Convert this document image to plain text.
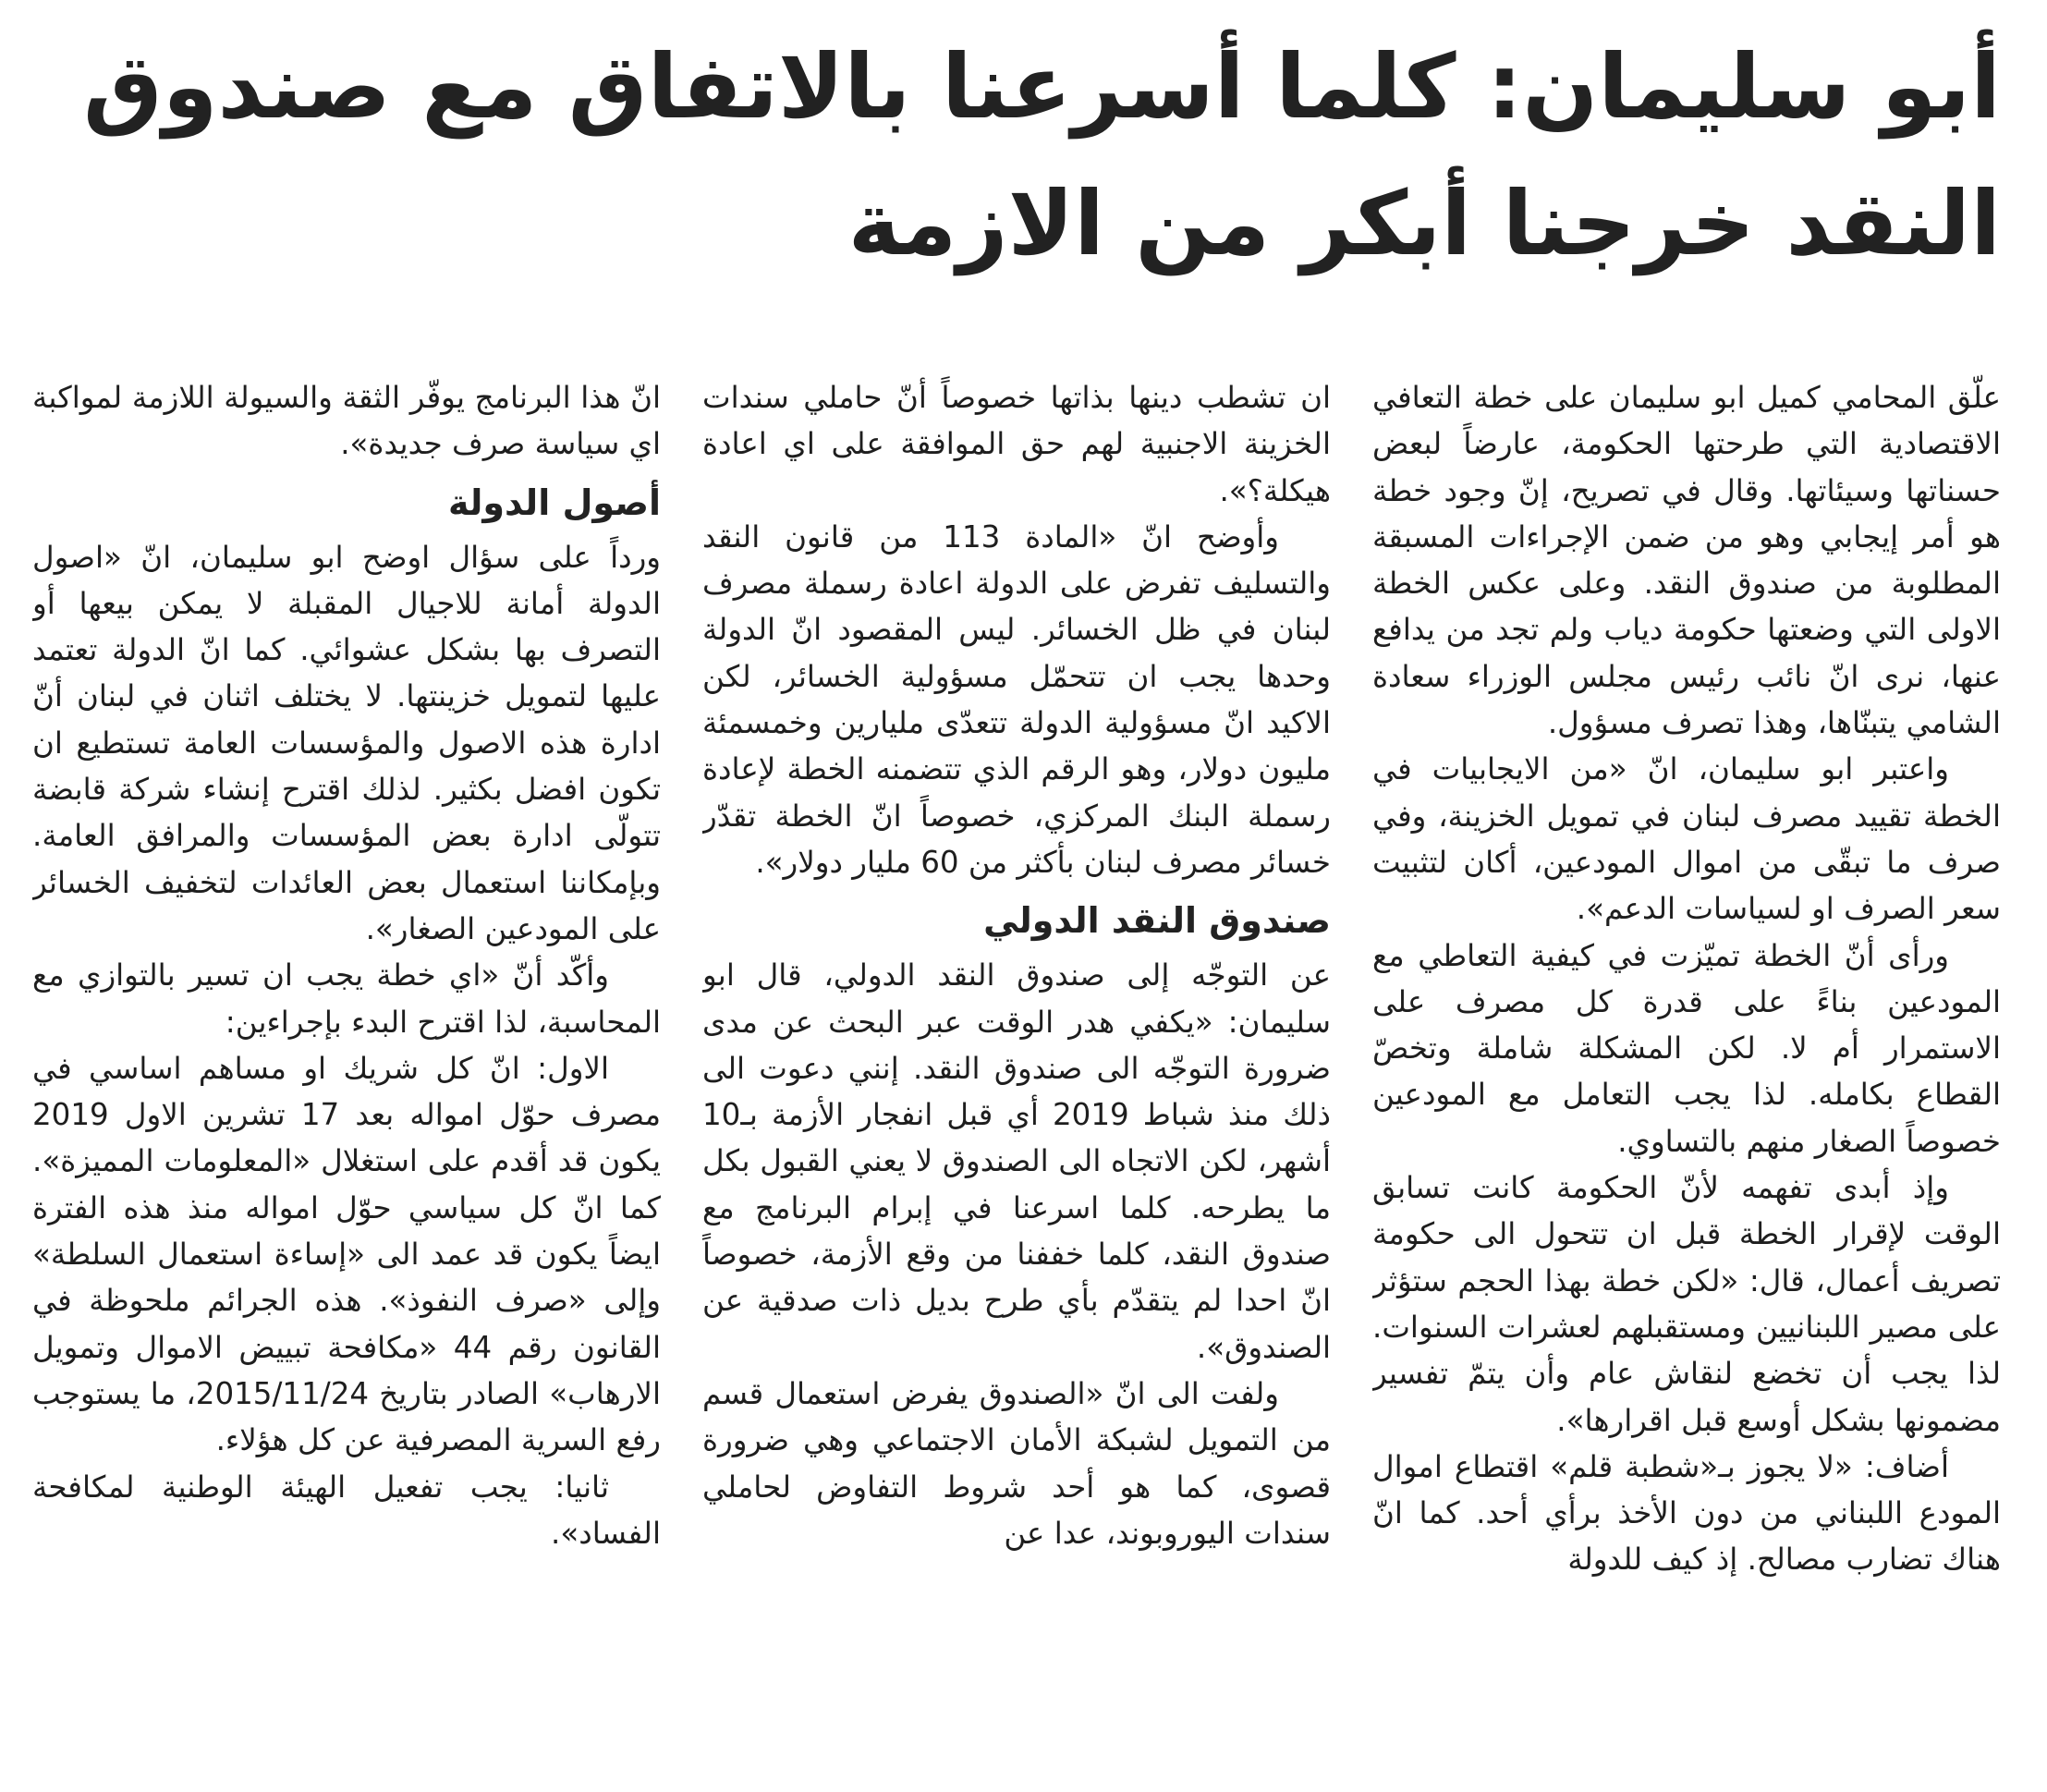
أبو سليمان: كلما أسرعنا بالاتفاق مع صندوق
النقد خرجنا أبكر من الازمة

علّق المحامي كميل ابو سليمان على خطة التعافي الاقتصادية التي طرحتها الحكومة، عارضاً لبعض حسناتها وسيئاتها. وقال في تصريح، إنّ وجود خطة هو أمر إيجابي وهو من ضمن الإجراءات المسبقة المطلوبة من صندوق النقد. وعلى عكس الخطة الاولى التي وضعتها حكومة دياب ولم تجد من يدافع عنها، نرى انّ نائب رئيس مجلس الوزراء سعادة الشامي يتبنّاها، وهذا تصرف مسؤول.

واعتبر ابو سليمان، انّ «من الايجابيات في الخطة تقييد مصرف لبنان في تمويل الخزينة، وفي صرف ما تبقّى من اموال المودعين، أكان لتثبيت سعر الصرف او لسياسات الدعم».

ورأى أنّ الخطة تميّزت في كيفية التعاطي مع المودعين بناءً على قدرة كل مصرف على الاستمرار أم لا. لكن المشكلة شاملة وتخصّ القطاع بكامله. لذا يجب التعامل مع المودعين خصوصاً الصغار منهم بالتساوي.

وإذ أبدى تفهمه لأنّ الحكومة كانت تسابق الوقت لإقرار الخطة قبل ان تتحول الى حكومة تصريف أعمال، قال: «لكن خطة بهذا الحجم ستؤثر على مصير اللبنانيين ومستقبلهم لعشرات السنوات. لذا يجب أن تخضع لنقاش عام وأن يتمّ تفسير مضمونها بشكل أوسع قبل اقرارها».

أضاف: «لا يجوز بـ«شطبة قلم» اقتطاع اموال المودع اللبناني من دون الأخذ برأي أحد. كما انّ هناك تضارب مصالح. إذ كيف للدولة

ان تشطب دينها بذاتها خصوصاً أنّ حاملي سندات الخزينة الاجنبية لهم حق الموافقة على اي اعادة هيكلة؟».

وأوضح انّ «المادة 113 من قانون النقد والتسليف تفرض على الدولة اعادة رسملة مصرف لبنان في ظل الخسائر. ليس المقصود انّ الدولة وحدها يجب ان تتحمّل مسؤولية الخسائر، لكن الاكيد انّ مسؤولية الدولة تتعدّى مليارين وخمسمئة مليون دولار، وهو الرقم الذي تتضمنه الخطة لإعادة رسملة البنك المركزي، خصوصاً انّ الخطة تقدّر خسائر مصرف لبنان بأكثر من 60 مليار دولار».

صندوق النقد الدولي

عن التوجّه إلى صندوق النقد الدولي، قال ابو سليمان: «يكفي هدر الوقت عبر البحث عن مدى ضرورة التوجّه الى صندوق النقد. إنني دعوت الى ذلك منذ شباط 2019 أي قبل انفجار الأزمة بـ10 أشهر، لكن الاتجاه الى الصندوق لا يعني القبول بكل ما يطرحه. كلما اسرعنا في إبرام البرنامج مع صندوق النقد، كلما خففنا من وقع الأزمة، خصوصاً انّ احدا لم يتقدّم بأي طرح بديل ذات صدقية عن الصندوق».

ولفت الى انّ «الصندوق يفرض استعمال قسم من التمويل لشبكة الأمان الاجتماعي وهي ضرورة قصوى، كما هو أحد شروط التفاوض لحاملي سندات اليوروبوند، عدا عن

انّ هذا البرنامج يوفّر الثقة والسيولة اللازمة لمواكبة اي سياسة صرف جديدة».

أصول الدولة

ورداً على سؤال اوضح ابو سليمان، انّ «اصول الدولة أمانة للاجيال المقبلة لا يمكن بيعها أو التصرف بها بشكل عشوائي. كما انّ الدولة تعتمد عليها لتمويل خزينتها. لا يختلف اثنان في لبنان أنّ ادارة هذه الاصول والمؤسسات العامة تستطيع ان تكون افضل بكثير. لذلك اقترح إنشاء شركة قابضة تتولّى ادارة بعض المؤسسات والمرافق العامة. وبإمكاننا استعمال بعض العائدات لتخفيف الخسائر على المودعين الصغار».

وأكّد أنّ «اي خطة يجب ان تسير بالتوازي مع المحاسبة، لذا اقترح البدء بإجراءين:

الاول: انّ كل شريك او مساهم اساسي في مصرف حوّل امواله بعد 17 تشرين الاول 2019 يكون قد أقدم على استغلال «المعلومات المميزة». كما انّ كل سياسي حوّل امواله منذ هذه الفترة ايضاً يكون قد عمد الى «إساءة استعمال السلطة» وإلى «صرف النفوذ». هذه الجرائم ملحوظة في القانون رقم 44 «مكافحة تبييض الاموال وتمويل الارهاب» الصادر بتاريخ 2015/11/24، ما يستوجب رفع السرية المصرفية عن كل هؤلاء.

ثانيا: يجب تفعيل الهيئة الوطنية لمكافحة الفساد».
